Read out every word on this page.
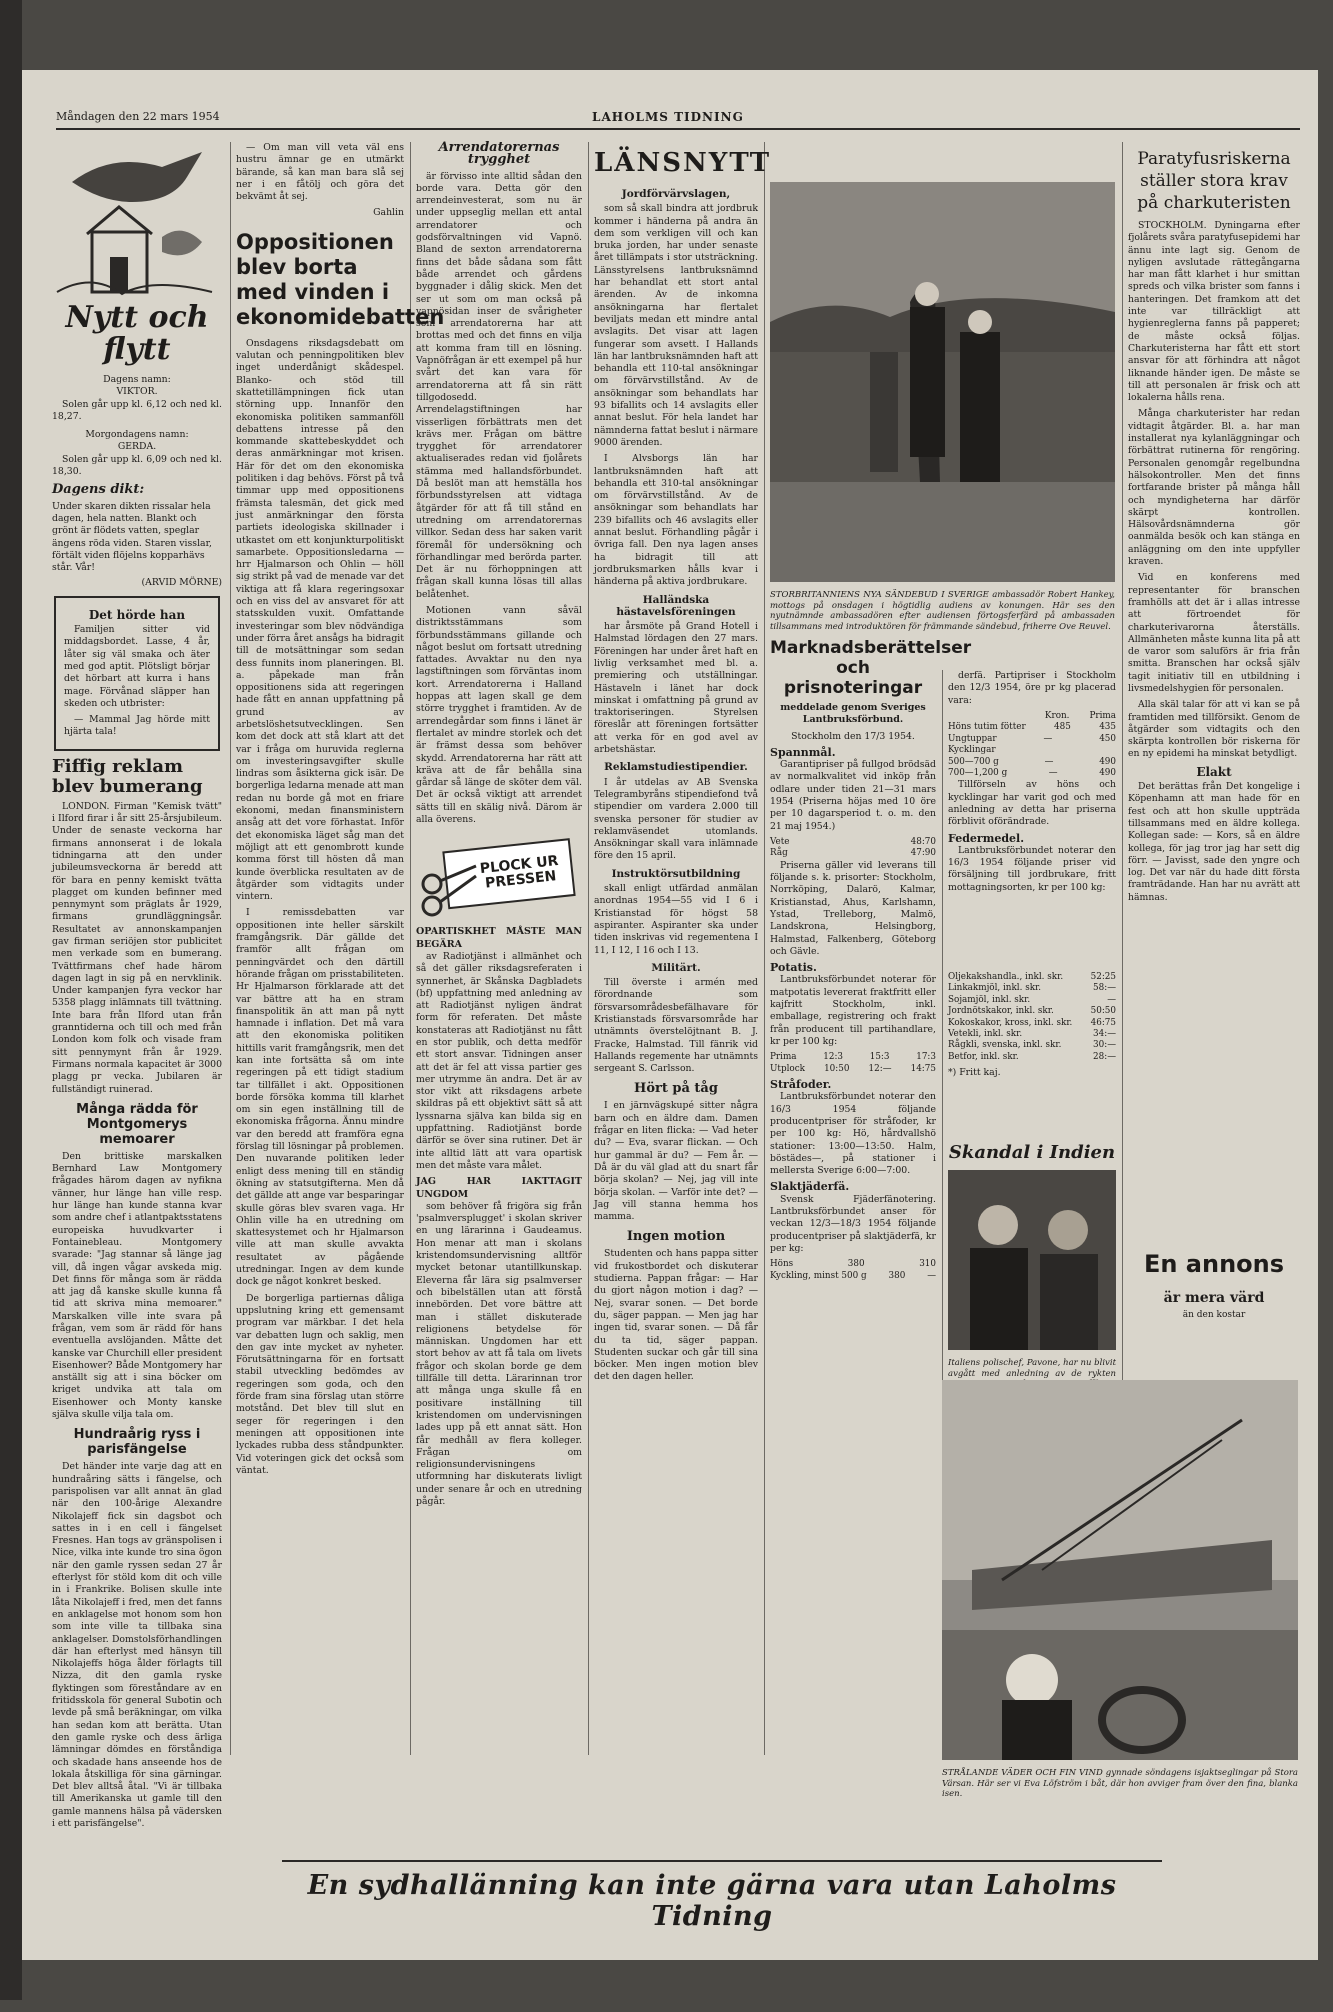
Måndagen den 22 mars 1954	LAHOLMS TIDNING
Nytt och flytt
Dagens namn:
VIKTOR.

Solen går upp kl. 6,12 och ned kl. 18,27.

Morgondagens namn:
GERDA.

Solen går upp kl. 6,09 och ned kl. 18,30.

Dagens dikt:
Under skaren dikten rissalar hela dagen, hela natten. Blankt och grönt är flödets vatten, speglar ängens röda viden. Staren visslar, förtält viden flöjelns kopparhävs står. Vår!
(ARVID MÖRNE)
Det hörde han

Familjen sitter vid middagsbordet. Lasse, 4 år, låter sig väl smaka och äter med god aptit. Plötsligt börjar det hörbart att kurra i hans mage. Förvånad släpper han skeden och utbrister:

— Mammal Jag hörde mitt hjärta tala!

Fiffig reklam blev bumerang

LONDON. Firman "Kemisk tvätt" i Ilford firar i år sitt 25-årsjubileum. Under de senaste veckorna har firmans annonserat i de lokala tidningarna att den under jubileumsveckorna är beredd att för bara en penny kemiskt tvätta plagget om kunden befinner med pennymynt som präglats år 1929, firmans grundläggningsår. Resultatet av annonskampanjen gav firman seriöjen stor publicitet men verkade som en bumerang. Tvättfirmans chef hade härom dagen lagt in sig på en nervklinik. Under kampanjen fyra veckor har 5358 plagg inlämnats till tvättning. Inte bara från Ilford utan från granntiderna och till och med från London kom folk och visade fram sitt pennymynt från år 1929. Firmans normala kapacitet är 3000 plagg pr vecka. Jubilaren är fullständigt ruinerad.

Många rädda för Montgomerys memoarer

Den brittiske marskalken Bernhard Law Montgomery frågades härom dagen av nyfikna vänner, hur länge han ville resp. hur länge han kunde stanna kvar som andre chef i atlantpaktsstatens europeiska huvudkvarter i Fontainebleau. Montgomery svarade: "Jag stannar så länge jag vill, då ingen vågar avskeda mig. Det finns för många som är rädda att jag då kanske skulle kunna få tid att skriva mina memoarer." Marskalken ville inte svara på frågan, vem som är rädd för hans eventuella avslöjanden. Måtte det kanske var Churchill eller president Eisenhower? Både Montgomery har anställt sig att i sina böcker om kriget undvika att tala om Eisenhower och Monty kanske själva skulle vilja tala om.

Hundraårig ryss i parisfängelse

Det händer inte varje dag att en hundraåring sätts i fängelse, och parispolisen var allt annat än glad när den 100-årige Alexandre Nikolajeff fick sin dagsbot och sattes in i en cell i fängelset Fresnes. Han togs av gränspolisen i Nice, vilka inte kunde tro sina ögon när den gamle ryssen sedan 27 år efterlyst för stöld kom dit och ville in i Frankrike. Bolisen skulle inte låta Nikolajeff i fred, men det fanns en anklagelse mot honom som hon som inte ville ta tillbaka sina anklagelser. Domstolsförhandlingen där han efterlyst med hänsyn till Nikolajeffs höga ålder förlagts till Nizza, dit den gamla ryske flyktingen som föreståndare av en fritidsskola för general Subotin och levde på små beräkningar, om vilka han sedan kom att berätta. Utan den gamle ryske och dess ärliga lämningar dömdes en förståndiga och skadade hans anseende hos de lokala åtskilliga för sina gärningar. Det blev alltså åtal. "Vi är tillbaka till Amerikanska ut gamle till den gamle mannens hälsa på vädersken i ett parisfängelse".

— Om man vill veta väl ens hustru ämnar ge en utmärkt bärande, så kan man bara slå sej ner i en fåtölj och göra det bekvämt åt sej.

Gahlin
Oppositionen blev borta med vinden i ekonomidebatten

Onsdagens riksdagsdebatt om valutan och penningpolitiken blev inget underdånigt skådespel. Blanko- och stöd till skattetillämpningen fick utan störning upp. Innanför den ekonomiska politiken sammanföll debattens intresse på den kommande skattebeskyddet och deras anmärkningar mot krisen. Här för det om den ekonomiska politiken i dag behövs. Först på två timmar upp med oppositionens främsta talesmän, det gick med just anmärkningar den första partiets ideologiska skillnader i utkastet om ett konjunkturpolitiskt samarbete. Oppositionsledarna — hrr Hjalmarson och Ohlin — höll sig strikt på vad de menade var det viktiga att få klara regeringsoxar och en viss del av ansvaret för att statsskulden vuxit. Omfattande investeringar som blev nödvändiga under förra året ansågs ha bidragit till de motsättningar som sedan dess funnits inom planeringen. Bl. a. påpekade man från oppositionens sida att regeringen hade fått en annan uppfattning på grund av arbetslöshetsutvecklingen. Sen kom det dock att stå klart att det var i fråga om huruvida reglerna om investeringsavgifter skulle lindras som åsikterna gick isär. De borgerliga ledarna menade att man redan nu borde gå mot en friare ekonomi, medan finansministern ansåg att det vore förhastat. Inför det ekonomiska läget såg man det möjligt att ett genombrott kunde komma först till hösten då man kunde överblicka resultaten av de åtgärder som vidtagits under vintern.

I remissdebatten var oppositionen inte heller särskilt framgångsrik. Där gällde det framför allt frågan om penningvärdet och den därtill hörande frågan om prisstabiliteten. Hr Hjalmarson förklarade att det var bättre att ha en stram finanspolitik än att man på nytt hamnade i inflation. Det må vara att den ekonomiska politiken hittills varit framgångsrik, men det kan inte fortsätta så om inte regeringen på ett tidigt stadium tar tillfället i akt. Oppositionen borde försöka komma till klarhet om sin egen inställning till de ekonomiska frågorna. Ännu mindre var den beredd att framföra egna förslag till lösningar på problemen. Den nuvarande politiken leder enligt dess mening till en ständig ökning av statsutgifterna. Men då det gällde att ange var besparingar skulle göras blev svaren vaga. Hr Ohlin ville ha en utredning om skattesystemet och hr Hjalmarson ville att man skulle avvakta resultatet av pågående utredningar. Ingen av dem kunde dock ge något konkret besked.

De borgerliga partiernas dåliga uppslutning kring ett gemensamt program var märkbar. I det hela var debatten lugn och saklig, men den gav inte mycket av nyheter. Förutsättningarna för en fortsatt stabil utveckling bedömdes av regeringen som goda, och den förde fram sina förslag utan större motstånd. Det blev till slut en seger för regeringen i den meningen att oppositionen inte lyckades rubba dess ståndpunkter. Vid voteringen gick det också som väntat.

Arrendatorernas trygghet

är förvisso inte alltid sådan den borde vara. Detta gör den arrendeinvesterat, som nu är under uppseglig mellan ett antal arrendatorer och godsförvaltningen vid Vapnö. Bland de sexton arrendatorerna finns det både sådana som fått både arrendet och gårdens byggnader i dålig skick. Men det ser ut som om man också på vapnösidan inser de svårigheter som arrendatorerna har att brottas med och det finns en vilja att komma fram till en lösning. Vapnöfrågan är ett exempel på hur svårt det kan vara för arrendatorerna att få sin rätt tillgodosedd. Arrendelagstiftningen har visserligen förbättrats men det krävs mer. Frågan om bättre trygghet för arrendatorer aktualiserades redan vid fjolårets stämma med hallandsförbundet. Då beslöt man att hemställa hos förbundsstyrelsen att vidtaga åtgärder för att få till stånd en utredning om arrendatorernas villkor. Sedan dess har saken varit föremål för undersökning och förhandlingar med berörda parter. Det är nu förhoppningen att frågan skall kunna lösas till allas belåtenhet.

Motionen vann såväl distriktsstämmans som förbundsstämmans gillande och något beslut om fortsatt utredning fattades. Avvaktar nu den nya lagstiftningen som förväntas inom kort. Arrendatorerna i Halland hoppas att lagen skall ge dem större trygghet i framtiden. Av de arrendegårdar som finns i länet är flertalet av mindre storlek och det är främst dessa som behöver skydd. Arrendatorerna har rätt att kräva att de får behålla sina gårdar så länge de sköter dem väl. Det är också viktigt att arrendet sätts till en skälig nivå. Därom är alla överens.

PLOCK UR PRESSEN
OPARTISKHET MÅSTE MAN BEGÄRA

av Radiotjänst i allmänhet och så det gäller riksdagsreferaten i synnerhet, är Skånska Dagbladets (bf) uppfattning med anledning av att Radiotjänst nyligen ändrat form för referaten. Det måste konstateras att Radiotjänst nu fått en stor publik, och detta medför ett stort ansvar. Tidningen anser att det är fel att vissa partier ges mer utrymme än andra. Det är av stor vikt att riksdagens arbete skildras på ett objektivt sätt så att lyssnarna själva kan bilda sig en uppfattning. Radiotjänst borde därför se över sina rutiner. Det är inte alltid lätt att vara opartisk men det måste vara målet.

JAG HAR IAKTTAGIT UNGDOM

som behöver få frigöra sig från 'psalmversplugget' i skolan skriver en ung lärarinna i Gaudeamus. Hon menar att man i skolans kristendomsundervisning alltför mycket betonar utantillkunskap. Eleverna får lära sig psalmverser och bibelställen utan att förstå innebörden. Det vore bättre att man i stället diskuterade religionens betydelse för människan. Ungdomen har ett stort behov av att få tala om livets frågor och skolan borde ge dem tillfälle till detta. Lärarinnan tror att många unga skulle få en positivare inställning till kristendomen om undervisningen lades upp på ett annat sätt. Hon får medhåll av flera kolleger. Frågan om religionsundervisningens utformning har diskuterats livligt under senare år och en utredning pågår.

LÄNSNYTT
Jordförvärvslagen,

som så skall bindra att jordbruk kommer i händerna på andra än dem som verkligen vill och kan bruka jorden, har under senaste året tillämpats i stor utsträckning. Länsstyrelsens lantbruksnämnd har behandlat ett stort antal ärenden. Av de inkomna ansökningarna har flertalet beviljats medan ett mindre antal avslagits. Det visar att lagen fungerar som avsett. I Hallands län har lantbruksnämnden haft att behandla ett 110-tal ansökningar om förvärvstillstånd. Av de ansökningar som behandlats har 93 bifallits och 14 avslagits eller annat beslut. För hela landet har nämnderna fattat beslut i närmare 9000 ärenden.

I Alvsborgs län har lantbruksnämnden haft att behandla ett 310-tal ansökningar om förvärvstillstånd. Av de ansökningar som behandlats har 239 bifallits och 46 avslagits eller annat beslut. Förhandling pågår i övriga fall. Den nya lagen anses ha bidragit till att jordbruksmarken hålls kvar i händerna på aktiva jordbrukare.

Halländska hästavelsföreningen

har årsmöte på Grand Hotell i Halmstad lördagen den 27 mars. Föreningen har under året haft en livlig verksamhet med bl. a. premiering och utställningar. Hästaveln i länet har dock minskat i omfattning på grund av traktoriseringen. Styrelsen föreslår att föreningen fortsätter att verka för en god avel av arbetshästar.

Reklamstudiestipendier.

I år utdelas av AB Svenska Telegrambyråns stipendiefond två stipendier om vardera 2.000 till svenska personer för studier av reklamväsendet utomlands. Ansökningar skall vara inlämnade före den 15 april.

Instruktörsutbildning

skall enligt utfärdad anmälan anordnas 1954—55 vid I 6 i Kristianstad för högst 58 aspiranter. Aspiranter ska under tiden inskrivas vid regementena I 11, I 12, I 16 och I 13.

Militärt.

Till överste i armén med förordnande som försvarsområdesbefälhavare för Kristianstads försvarsområde har utnämnts överstelöjtnant B. J. Fracke, Halmstad. Till fänrik vid Hallands regemente har utnämnts sergeant S. Carlsson.

Hört på tåg

I en järnvägskupé sitter några barn och en äldre dam. Damen frågar en liten flicka: — Vad heter du? — Eva, svarar flickan. — Och hur gammal är du? — Fem år. — Då är du väl glad att du snart får börja skolan? — Nej, jag vill inte börja skolan. — Varför inte det? — Jag vill stanna hemma hos mamma.

Ingen motion

Studenten och hans pappa sitter vid frukostbordet och diskuterar studierna. Pappan frågar: — Har du gjort någon motion i dag? — Nej, svarar sonen. — Det borde du, säger pappan. — Men jag har ingen tid, svarar sonen. — Då får du ta tid, säger pappan. Studenten suckar och går till sina böcker. Men ingen motion blev det den dagen heller.

STORBRITANNIENS NYA SÄNDEBUD I SVERIGE ambassadör Robert Hankey, mottogs på onsdagen i högtidlig audiens av konungen. Här ses den nyutnämnde ambassadören efter audiensen förtogsferfärd på ambassaden tillsammans med introduktören för främmande sändebud, friherre Ove Reuvel.
Marknadsberättelser och prisnoteringar
meddelade genom Sveriges Lantbruksförbund.
Stockholm den 17/3 1954.
Spannmål.

Garantipriser på fullgod brödsäd av normalkvalitet vid inköp från odlare under tiden 21—31 mars 1954 (Priserna höjas med 10 öre per 10 dagarsperiod t. o. m. den 21 maj 1954.)

Vete	48:70
Råg	47:90

Priserna gäller vid leverans till följande s. k. prisorter: Stockholm, Norrköping, Dalarö, Kalmar, Kristianstad, Ahus, Karlshamn, Ystad, Trelleborg, Malmö, Landskrona, Helsingborg, Halmstad, Falkenberg, Göteborg och Gävle.

Potatis.

Lantbruksförbundet noterar för matpotatis levererat fraktfritt eller kajfritt Stockholm, inkl. emballage, registrering och frakt från producent till partihandlare, kr per 100 kg:

Prima	12:3	15:3	17:3
Utplock 10:50 12:— 14:75
Stråfoder.

Lantbruksförbundet noterar den 16/3 1954 följande producentpriser för stråfoder, kr per 100 kg: Hö, hårdvallshö stationer: 13:00—13:50. Halm, böstädes—, på stationer i mellersta Sverige 6:00—7:00.

Slaktjäderfä.

Svensk Fjäderfänotering. Lantbruksförbundet anser för veckan 12/3—18/3 1954 följande producentpriser på slaktjäderfä, kr per kg:

Höns	380	310
Kyckling, minst 500 g 380 —

derfä. Partipriser i Stockholm den 12/3 1954, öre pr kg placerad vara:

Kron. Prima
Höns tutim fötter	485	435
Ungtuppar	—	450
Kycklingar
500—700 g	—	490
700—1,200 g	—	490

Tillförseln av höns och kycklingar har varit god och med anledning av detta har priserna förblivit oförändrade.

Federmedel.

Lantbruksförbundet noterar den 16/3 1954 följande priser vid försäljning till jordbrukare, fritt mottagningsorten, kr per 100 kg:

Oljekakshandla., inkl. skr.	52:25
Linkakmjöl, inkl. skr.	58:—
Sojamjöl, inkl. skr.	—
Jordnötskakor, inkl. skr.	50:50
Kokoskakor, kross, inkl. skr. 46:75
Vetekli, inkl. skr.	34:—
Rågkli, svenska, inkl. skr.	30:—
Betfor, inkl. skr.	28:—
*) Fritt kaj.
Skandal i Indien
Italiens polischef, Pavone, har nu blivit avgått med anledning av de rykten
Paratyfusriskerna ställer stora krav på charkuteristen

STOCKHOLM. Dyningarna efter fjolårets svåra paratyfusepidemi har ännu inte lagt sig. Genom de nyligen avslutade rättegångarna har man fått klarhet i hur smittan spreds och vilka brister som fanns i hanteringen. Det framkom att det inte var tillräckligt att hygienreglerna fanns på papperet; de måste också följas. Charkuteristerna har fått ett stort ansvar för att förhindra att något liknande händer igen. De måste se till att personalen är frisk och att lokalerna hålls rena.

Många charkuterister har redan vidtagit åtgärder. Bl. a. har man installerat nya kylanläggningar och förbättrat rutinerna för rengöring. Personalen genomgår regelbundna hälsokontroller. Men det finns fortfarande brister på många håll och myndigheterna har därför skärpt kontrollen. Hälsovårdsnämnderna gör oanmälda besök och kan stänga en anläggning om den inte uppfyller kraven.

Vid en konferens med representanter för branschen framhölls att det är i allas intresse att förtroendet för charkuterivarorna återställs. Allmänheten måste kunna lita på att de varor som saluförs är fria från smitta. Branschen har också själv tagit initiativ till en utbildning i livsmedelshygien för personalen.

Alla skäl talar för att vi kan se på framtiden med tillförsikt. Genom de åtgärder som vidtagits och den skärpta kontrollen bör riskerna för en ny epidemi ha minskat betydligt.

Elakt

Det berättas från Det kongelige i Köpenhamn att man hade för en fest och att hon skulle uppträda tillsammans med en äldre kollega. Kollegan sade: — Kors, så en äldre kollega, för jag tror jag har sett dig förr. — Javisst, sade den yngre och log. Det var när du hade ditt första framträdande. Han har nu avrätt att hämnas.

En annons
är mera värd
än den kostar
STRÅLANDE VÄDER OCH FIN VIND gynnade söndagens isjaktseglingar på Stora Värsan. Här ser vi Eva Löfström i båt, där hon avviger fram över den fina, blanka isen.
En sydhallänning kan inte gärna vara utan Laholms Tidning
